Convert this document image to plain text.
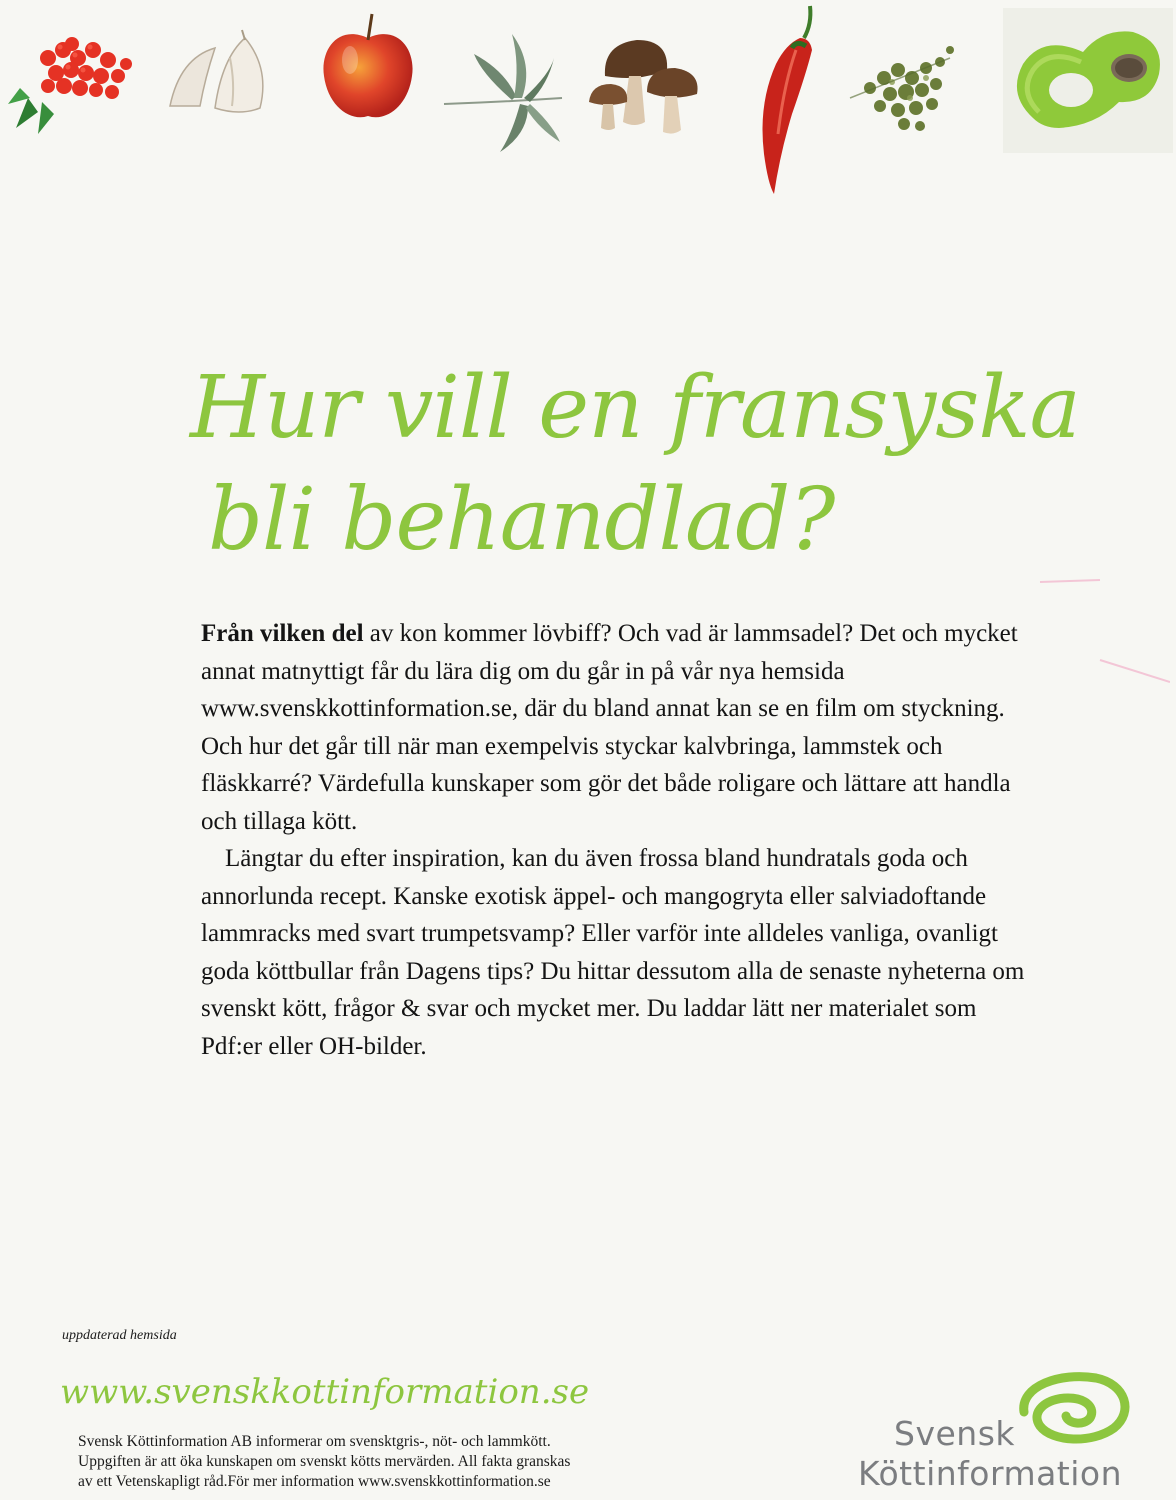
Hur vill en fransyska
bli behandlad?

Från vilken del av kon kommer lövbiff? Och vad är lammsadel? Det och mycket annat matnyttigt får du lära dig om du går in på vår nya hemsida www.svenskkottinformation.se, där du bland annat kan se en film om styckning. Och hur det går till när man exempelvis styckar kalvbringa, lammstek och fläskkarré? Värdefulla kunskaper som gör det både roligare och lättare att handla och tillaga kött.

Längtar du efter inspiration, kan du även frossa bland hundratals goda och annorlunda recept. Kanske exotisk äppel- och mangogryta eller salviadoftande lammracks med svart trumpetsvamp? Eller varför inte alldeles vanliga, ovanligt goda köttbullar från Dagens tips? Du hittar dessutom alla de senaste nyheterna om svenskt kött, frågor & svar och mycket mer. Du laddar lätt ner materialet som Pdf:er eller OH-bilder.

uppdaterad hemsida
www.svenskkottinformation.se
Svensk Köttinformation AB informerar om svensktgris-, nöt- och lammkött.
Uppgiften är att öka kunskapen om svenskt kötts mervärden. All fakta granskas
av ett Vetenskapligt råd.För mer information www.svenskkottinformation.se
Svensk
Köttinformation
